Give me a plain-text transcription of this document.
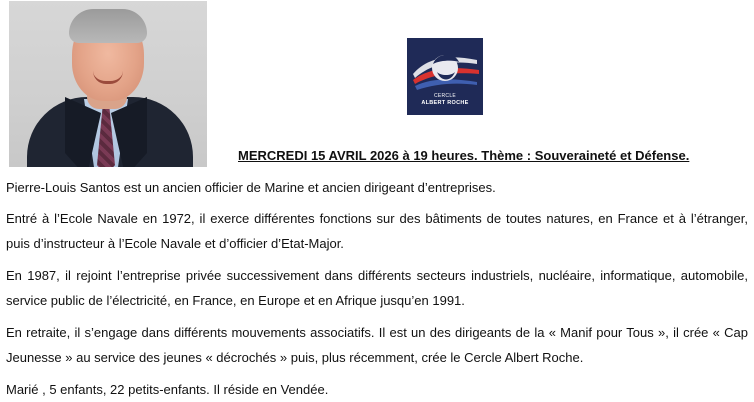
CERCLE
ALBERT ROCHE
MERCREDI 15 AVRIL 2026 à 19 heures. Thème : Souveraineté et Défense.
Pierre-Louis Santos est un ancien officier de Marine et ancien dirigeant d’entreprises.
Entré à l’Ecole Navale en 1972, il exerce différentes fonctions sur des bâtiments de toutes natures, en France et à l’étranger, puis d’instructeur à l’Ecole Navale et d’officier d’Etat-Major.
En 1987, il rejoint l’entreprise privée successivement dans différents secteurs industriels, nucléaire, informatique, automobile, service public de l’électricité, en France, en Europe et en Afrique jusqu’en 1991.
En retraite, il s’engage dans différents mouvements associatifs. Il est un des dirigeants de la « Manif pour Tous », il crée « Cap Jeunesse » au service des jeunes « décrochés » puis, plus récemment, crée le Cercle Albert Roche.
Marié , 5 enfants, 22 petits-enfants. Il réside en Vendée.
